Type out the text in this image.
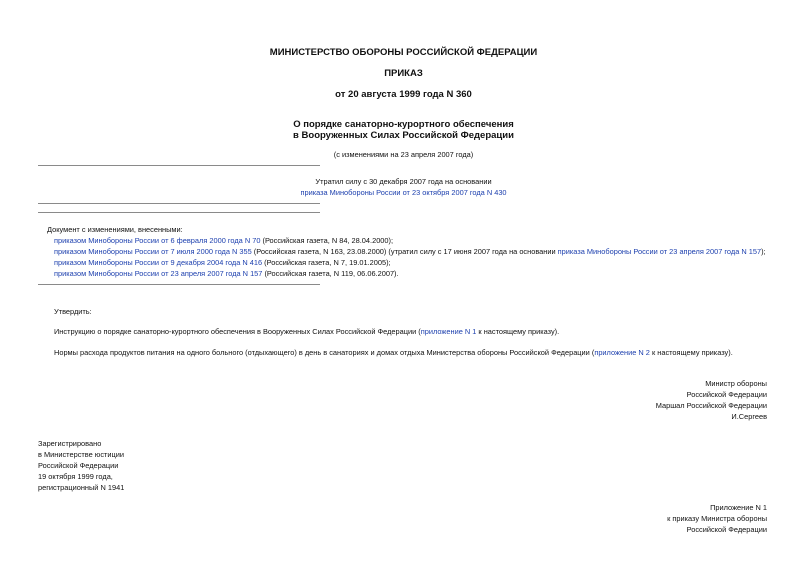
МИНИСТЕРСТВО ОБОРОНЫ РОССИЙСКОЙ ФЕДЕРАЦИИ
ПРИКАЗ
от 20 августа 1999 года N 360
О порядке санаторно-курортного обеспечения
в Вооруженных Силах Российской Федерации
(с изменениями на 23 апреля 2007 года)
Утратил силу с 30 декабря 2007 года на основании
приказа Минобороны России от 23 октября 2007 года N 430
Документ с изменениями, внесенными:
приказом Минобороны России от 6 февраля 2000 года N 70 (Российская газета, N 84, 28.04.2000);
приказом Минобороны России от 7 июля 2000 года N 355 (Российская газета, N 163, 23.08.2000) (утратил силу с 17 июня 2007 года на основании приказа Минобороны России от 23 апреля 2007 года N 157);
приказом Минобороны России от 9 декабря 2004 года N 416 (Российская газета, N 7, 19.01.2005);
приказом Минобороны России от 23 апреля 2007 года N 157 (Российская газета, N 119, 06.06.2007).
Утвердить:
Инструкцию о порядке санаторно-курортного обеспечения в Вооруженных Силах Российской Федерации (приложение N 1 к настоящему приказу).
Нормы расхода продуктов питания на одного больного (отдыхающего) в день в санаториях и домах отдыха Министерства обороны Российской Федерации (приложение N 2 к настоящему приказу).
Министр обороны
Российской Федерации
Маршал Российской Федерации
И.Сергеев
Зарегистрировано
в Министерстве юстиции
Российской Федерации
19 октября 1999 года,
регистрационный N 1941
Приложение N 1
к приказу Министра обороны
Российской Федерации
